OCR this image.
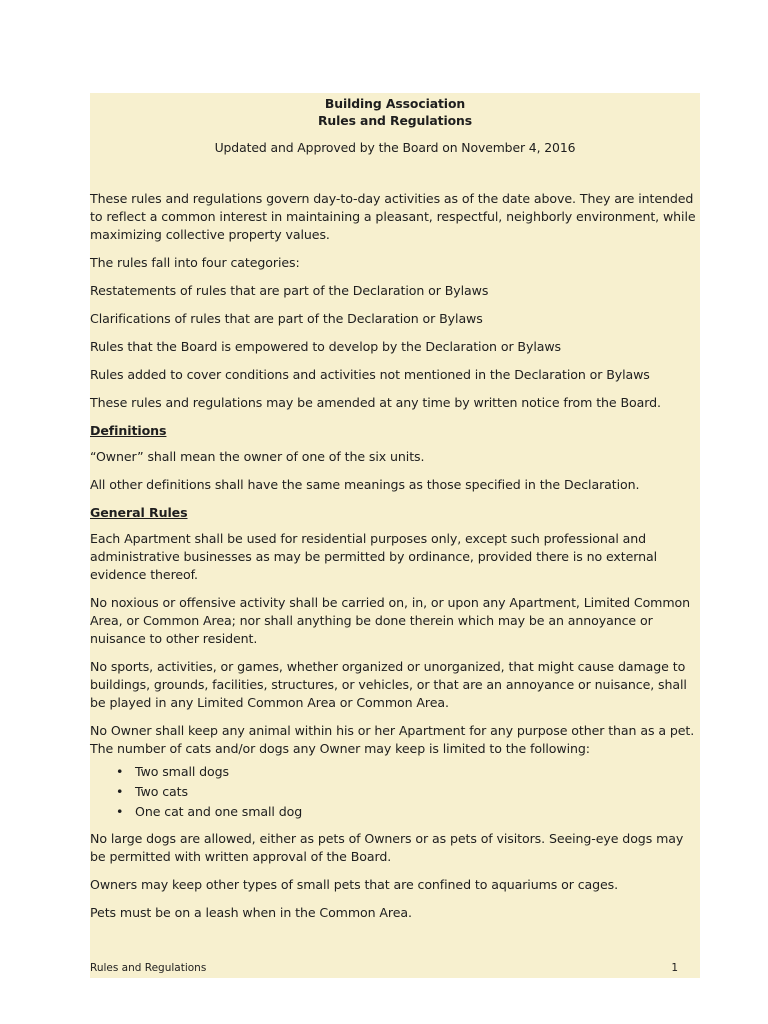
Building Association
Rules and Regulations
Updated and Approved by the Board on November 4, 2016

These rules and regulations govern day-to-day activities as of the date above. They are intended to reflect a common interest in maintaining a pleasant, respectful, neighborly environment, while maximizing collective property values.

The rules fall into four categories:

Restatements of rules that are part of the Declaration or Bylaws

Clarifications of rules that are part of the Declaration or Bylaws

Rules that the Board is empowered to develop by the Declaration or Bylaws

Rules added to cover conditions and activities not mentioned in the Declaration or Bylaws

These rules and regulations may be amended at any time by written notice from the Board.

Definitions

“Owner” shall mean the owner of one of the six units.

All other definitions shall have the same meanings as those specified in the Declaration.

General Rules

Each Apartment shall be used for residential purposes only, except such professional and administrative businesses as may be permitted by ordinance, provided there is no external evidence thereof.

No noxious or offensive activity shall be carried on, in, or upon any Apartment, Limited Common Area, or Common Area; nor shall anything be done therein which may be an annoyance or nuisance to other resident.

No sports, activities, or games, whether organized or unorganized, that might cause damage to buildings, grounds, facilities, structures, or vehicles, or that are an annoyance or nuisance, shall be played in any Limited Common Area or Common Area.

No Owner shall keep any animal within his or her Apartment for any purpose other than as a pet. The number of cats and/or dogs any Owner may keep is limited to the following:

• Two small dogs
• Two cats
• One cat and one small dog

No large dogs are allowed, either as pets of Owners or as pets of visitors. Seeing-eye dogs may be permitted with written approval of the Board.

Owners may keep other types of small pets that are confined to aquariums or cages.

Pets must be on a leash when in the Common Area.

Rules and Regulations	1
